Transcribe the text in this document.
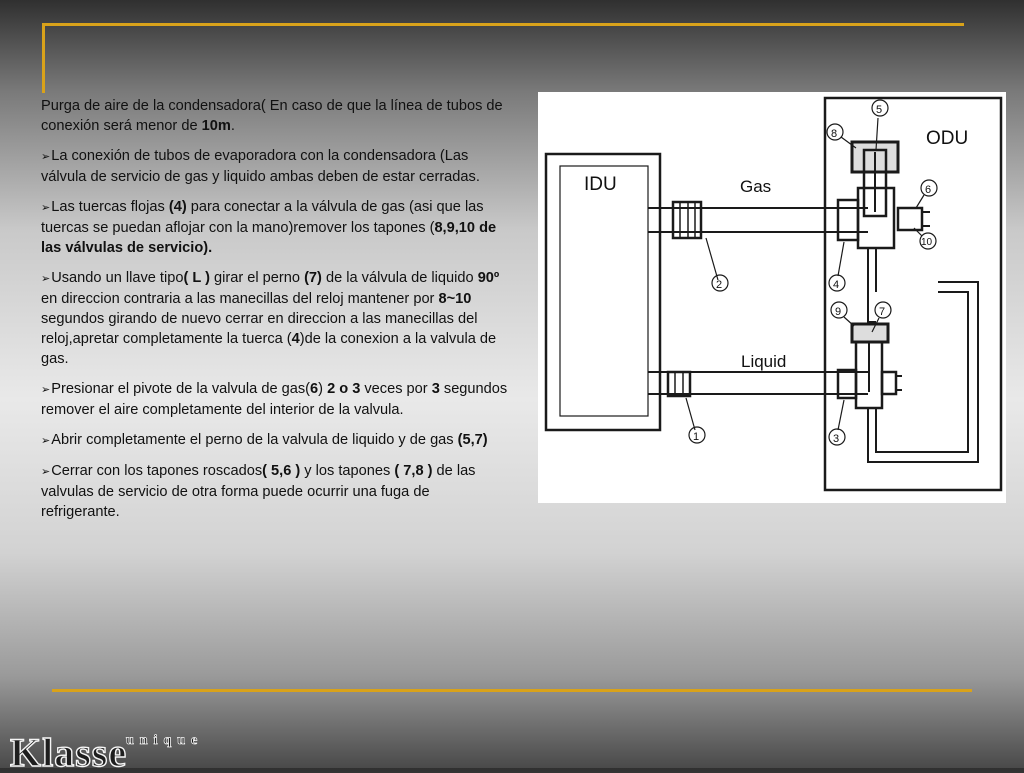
Purga de aire de la condensadora( En caso de que la línea de tubos de conexión será menor de 10m.

➢La conexión de tubos de evaporadora con la condensadora (Las válvula de servicio de gas y liquido ambas deben de estar cerradas.

➢Las tuercas flojas (4) para conectar a la válvula de gas (asi que las tuercas se puedan aflojar con la mano)remover los tapones (8,9,10 de las válvulas de servicio).

➢Usando un llave tipo( L ) girar el perno (7) de la válvula de liquido 90º en direccion contraria a las manecillas del reloj mantener por 8~10 segundos girando de nuevo cerrar en direccion a las manecillas del reloj,apretar completamente la tuerca (4)de la conexion a la valvula de gas.

➢Presionar el pivote de la valvula de gas(6) 2 o 3 veces por 3 segundos remover el aire completamente del interior de la valvula.

➢Abrir completamente el perno de la valvula de liquido y de gas (5,7)

➢Cerrar con los tapones roscados( 5,6 ) y los tapones ( 7,8 ) de las valvulas de servicio de otra forma puede ocurrir una fuga de refrigerante.

IDU
ODU
Gas
Liquid
2
1
4
3
5
8
6
10
9	7
unique
Klasse
